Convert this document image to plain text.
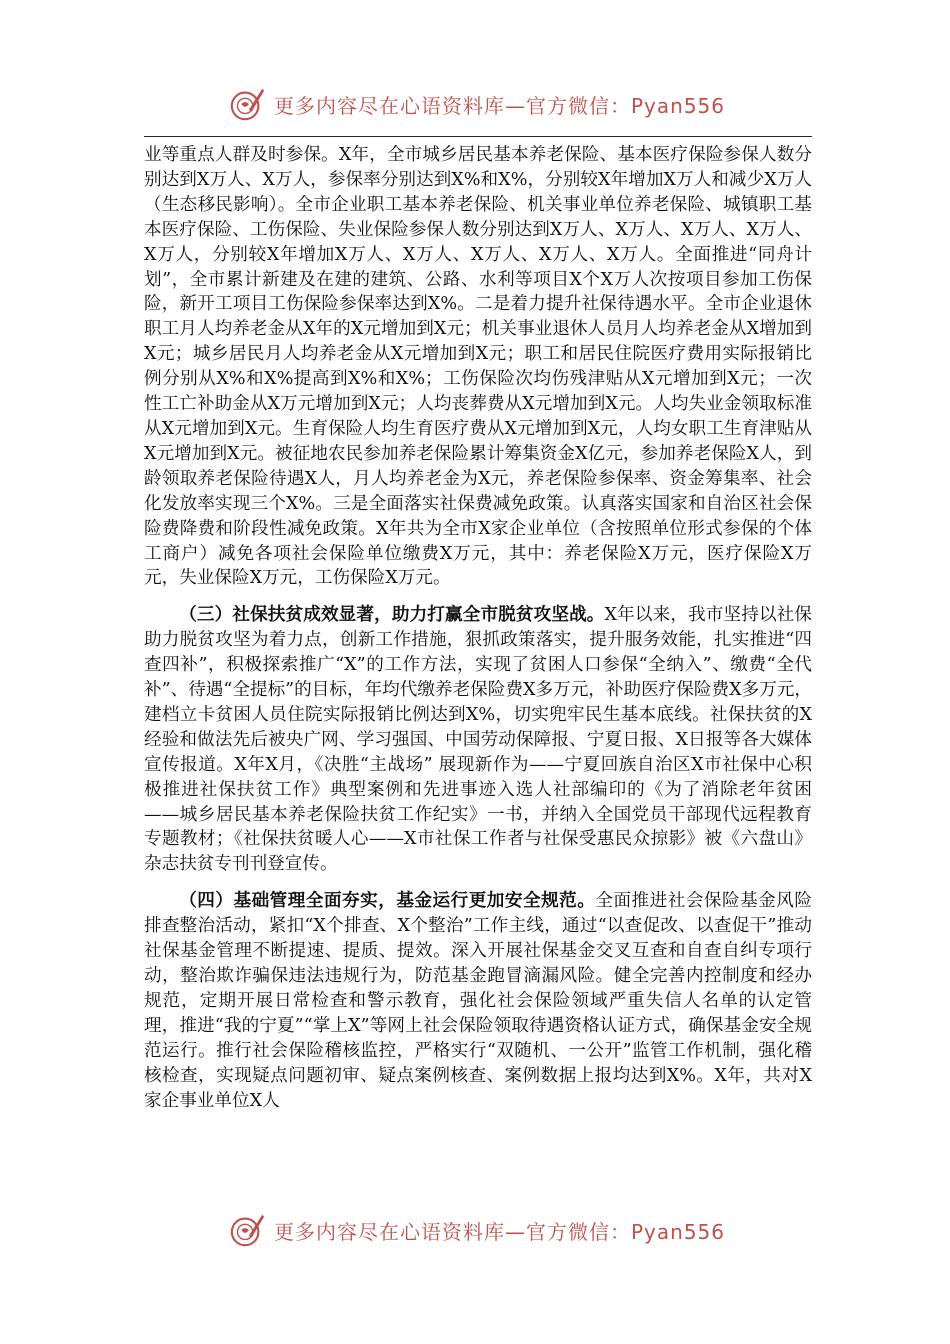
更多内容尽在心语资料库—官方微信：Pyan556

业等重点人群及时参保。X年，全市城乡居民基本养老保险、基本医疗保险参保人数分别达到X万人、X万人，参保率分别达到X%和X%，分别较X年增加X万人和减少X万人（生态移民影响）。全市企业职工基本养老保险、机关事业单位养老保险、城镇职工基本医疗保险、工伤保险、失业保险参保人数分别达到X万人、X万人、X万人、X万人、X万人，分别较X年增加X万人、X万人、X万人、X万人、X万人。全面推进“同舟计划”，全市累计新建及在建的建筑、公路、水利等项目X个X万人次按项目参加工伤保险，新开工项目工伤保险参保率达到X%。二是着力提升社保待遇水平。全市企业退休职工月人均养老金从X年的X元增加到X元；机关事业退休人员月人均养老金从X增加到X元；城乡居民月人均养老金从X元增加到X元；职工和居民住院医疗费用实际报销比例分别从X%和X%提高到X%和X%；工伤保险次均伤残津贴从X元增加到X元；一次性工亡补助金从X万元增加到X元；人均丧葬费从X元增加到X元。人均失业金领取标准从X元增加到X元。生育保险人均生育医疗费从X元增加到X元，人均女职工生育津贴从X元增加到X元。被征地农民参加养老保险累计筹集资金X亿元，参加养老保险X人，到龄领取养老保险待遇X人，月人均养老金为X元，养老保险参保率、资金筹集率、社会化发放率实现三个X%。三是全面落实社保费减免政策。认真落实国家和自治区社会保险费降费和阶段性减免政策。X年共为全市X家企业单位（含按照单位形式参保的个体工商户）减免各项社会保险单位缴费X万元，其中：养老保险X万元，医疗保险X万元，失业保险X万元，工伤保险X万元。

（三）社保扶贫成效显著，助力打赢全市脱贫攻坚战。X年以来，我市坚持以社保助力脱贫攻坚为着力点，创新工作措施，狠抓政策落实，提升服务效能，扎实推进“四查四补”，积极探索推广“X”的工作方法，实现了贫困人口参保“全纳入”、缴费“全代补”、待遇“全提标”的目标，年均代缴养老保险费X多万元，补助医疗保险费X多万元，建档立卡贫困人员住院实际报销比例达到X%，切实兜牢民生基本底线。社保扶贫的X经验和做法先后被央广网、学习强国、中国劳动保障报、宁夏日报、X日报等各大媒体宣传报道。X年X月，《决胜“主战场” 展现新作为——宁夏回族自治区X市社保中心积极推进社保扶贫工作》典型案例和先进事迹入选人社部编印的《为了消除老年贫困——城乡居民基本养老保险扶贫工作纪实》一书，并纳入全国党员干部现代远程教育专题教材；《社保扶贫暖人心——X市社保工作者与社保受惠民众掠影》被《六盘山》杂志扶贫专刊刊登宣传。

（四）基础管理全面夯实，基金运行更加安全规范。全面推进社会保险基金风险排查整治活动，紧扣“X个排查、X个整治”工作主线，通过“以查促改、以查促干”推动社保基金管理不断提速、提质、提效。深入开展社保基金交叉互查和自查自纠专项行动，整治欺诈骗保违法违规行为，防范基金跑冒滴漏风险。健全完善内控制度和经办规范，定期开展日常检查和警示教育，强化社会保险领域严重失信人名单的认定管理，推进“我的宁夏”“掌上X”等网上社会保险领取待遇资格认证方式，确保基金安全规范运行。推行社会保险稽核监控，严格实行“双随机、一公开”监管工作机制，强化稽核检查，实现疑点问题初审、疑点案例核查、案例数据上报均达到X%。X年，共对X家企事业单位X人

更多内容尽在心语资料库—官方微信：Pyan556
